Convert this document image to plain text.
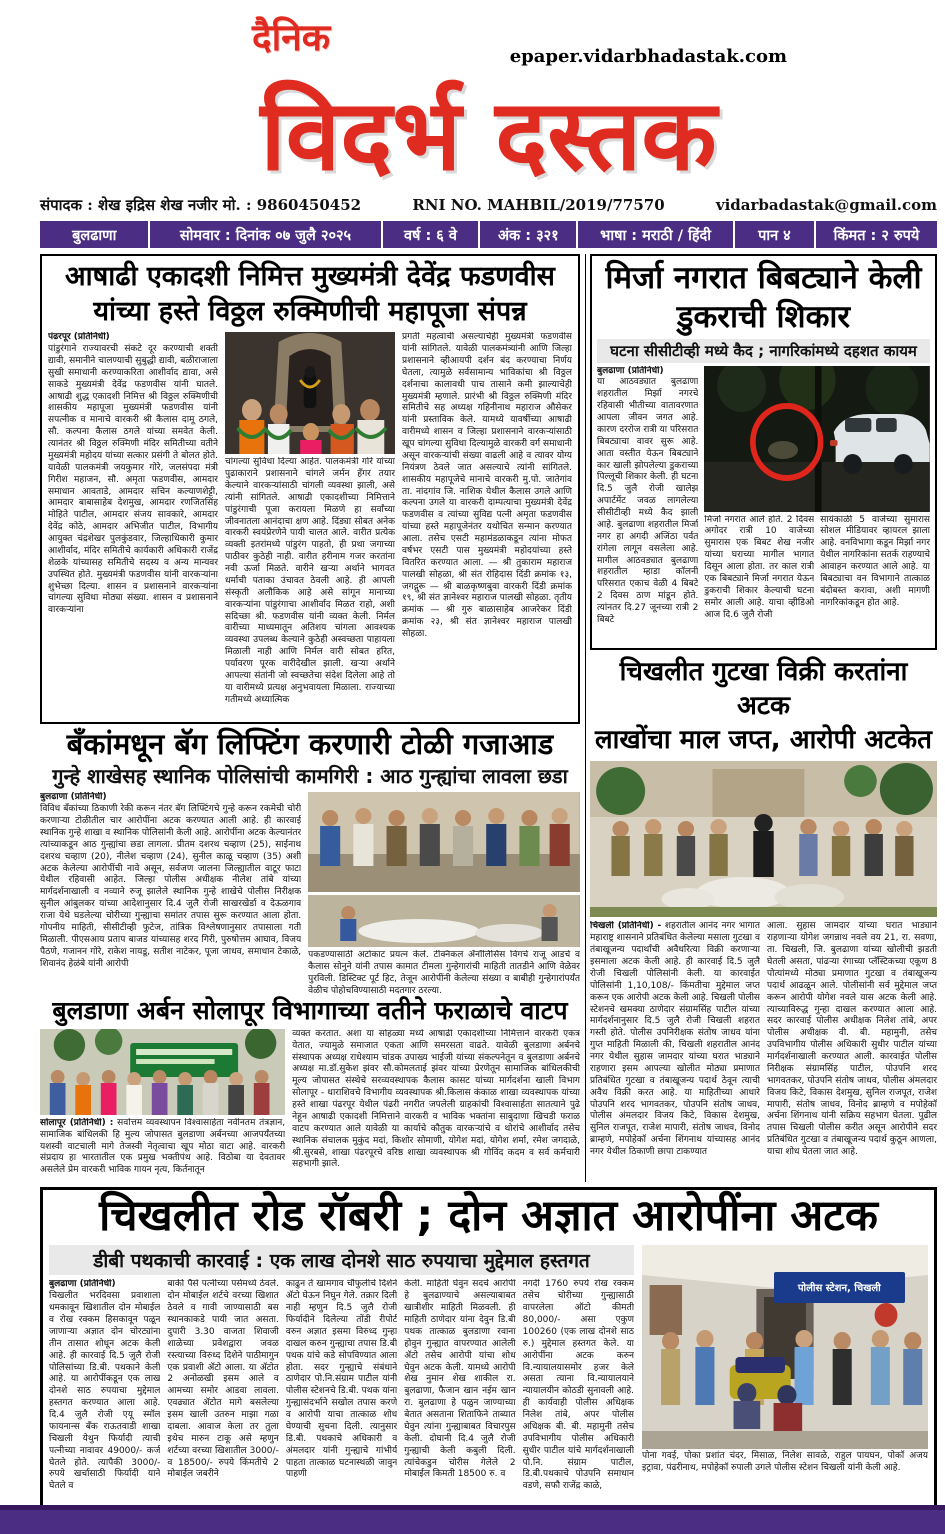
दैनिक	epaper.vidarbhadastak.com
विदर्भ दस्तक
संपादक : शेख इद्रिस शेख नजीर मो. : 9860450452	RNI NO. MAHBIL/2019/77570	vidarbadastak@gmail.com
बुलढाणा	सोमवार : दिनांक ०७ जुलै २०२५	वर्ष : ६ वे	अंक : ३२१	भाषा : मराठी / हिंदी	पान ४	किंमत : २ रुपये
आषाढी एकादशी निमित्त मुख्यमंत्री देवेंद्र फडणवीस यांच्या हस्ते विठ्ठल रुक्मिणीची महापूजा संपन्न
पंढरपूर (प्रतिनिधी)
पांडुरंगाने राज्यावरची संकटे दूर करण्याची शक्ती द्यावी, समानीने चालण्याची सुबुद्धी द्यावी, बळीराजाला सुखी समाधानी करण्याकरिता आशीर्वाद द्यावा, असे साकडे मुख्यमंत्री देवेंद्र फडणवीस यांनी घातले. आषाढी शुद्ध एकादशी निमित्त श्री विठ्ठल रुक्मिणीची शासकीय महापूजा मुख्यमंत्री फडणवीस यांनी सपत्नीक व मानाचे वारकरी श्री कैलास दामू ठगले, सौ. कल्पना कैलास ठगले यांच्या समवेत केली. त्यानंतर श्री विठ्ठल रुक्मिणी मंदिर समितीच्या वतीने मुख्यमंत्री महोदय यांच्या सत्कार प्रसंगी ते बोलत होते. यावेळी पालकमंत्री जयकुमार गोरे, जलसंपदा मंत्री गिरीश महाजन, सौ. अमृता फडणवीस, आमदार समाधान आवताडे, आमदार सचिन कल्याणशेट्टी, आमदार बाबासाहेब देशमुख, आमदार रणजितसिंह मोहिते पाटील, आमदार संजय सावकारे, आमदार देवेंद्र कोठे, आमदार अभिजीत पाटील, विभागीय आयुक्त चंद्रशेखर पुलकुंडवार, जिल्हाधिकारी कुमार आशीर्वाद, मंदिर समितीचे कार्यकारी अधिकारी राजेंद्र शेळके यांच्यासह समितीचे सदस्य व अन्य मान्यवर उपस्थित होते. मुख्यमंत्री फडणवीस यांनी वारकऱ्यांना शुभेच्छा दिल्या. शासन व प्रशासनाने वारकऱ्यांना चांगल्या सुविधा मोठ्या संख्या. शासन व प्रशासनाने वारकऱ्यांना
चांगल्या सुविधा दिल्या आहेत. पालकमंत्री गोरे यांच्या पुढाकाराने प्रशासनाने चांगले जर्मन हँगर तयार केल्याने वारकऱ्यांसाठी चांगली व्यवस्था झाली, असे त्यांनी सांगितले. आषाढी एकादशीच्या निमित्ताने पांडुरंगाची पूजा करायला मिळणे हा सर्वांच्या जीवनातला आनंदाचा क्षण आहे. दिंड्या सोबत अनेक वारकरी स्वयंप्रेरणेने पायी चालत आले. वारीत प्रत्येक व्यक्ती इतरांमध्ये पांडुरंग पाहतो, ही प्रथा जगाच्या पाठीवर कुठेही नाही. वारीत हरीनाम गजर करतांना नवी ऊर्जा मिळते. वारीने खऱ्या अर्थाने भागवत धर्माची पताका उंचावत ठेवली आहे. ही आपली संस्कृती अलौकिक आहे असे सांगून मानाच्या वारकऱ्यांना पांडुरंगाचा आशीर्वाद मिळत राहो, अशी सदिच्छा श्री. फडणवीस यांनी व्यक्त केली. निर्मल वारीच्या माध्यमातून अतिशय चांगला आवश्यक व्यवस्था उपलब्ध केल्याने कुठेही अस्वच्छता पाहायला मिळाली नाही आणि निर्मल वारी सोबत हरित, पर्यावरण पूरक वारीदेखील झाली. खऱ्या अर्थाने आपल्या संतांनी जो स्वच्छतेचा संदेश दिलेला आहे तो या वारीमध्ये प्रत्यक्ष अनुभवायला मिळाला. राज्याच्या गतीमध्ये अध्यात्मिक
प्रगती महत्वाची असल्याचेही मुख्यमंत्री फडणवीस यांनी सांगितले. यावेळी पालकमंत्र्यांनी आणि जिल्हा प्रशासनाने व्हीआयपी दर्शन बंद करण्याचा निर्णय घेतला, त्यामुळे सर्वसामान्य भाविकांचा श्री विठ्ठल दर्शनाचा कालावधी पाच तासाने कमी झाल्याचेही मुख्यमंत्री म्हणाले. प्रारंभी श्री विठ्ठल रुक्मिणी मंदिर समितीचे सह अध्यक्ष गहिनीनाथ महाराज औसेकर यांनी प्रस्ताविक केले. यामध्ये यावर्षीच्या आषाढी वारीमध्ये शासन व जिल्हा प्रशासनाने वारकऱ्यांसाठी खूप चांगल्या सुविधा दिल्यामुळे वारकरी वर्ग समाधानी असून वारकऱ्यांची संख्या वाढली आहे व त्यावर योग्य नियंत्रण ठेवले जात असल्याचे त्यांनी सांगितले. शासकीय महापूजेचे मानाचे वारकरी मु.पो. जातेगांव ता. नांदगांव जि. नाशिक येथील कैलास उगले आणि कल्पना उगले या वारकरी दाम्पत्याचा मुख्यमंत्री देवेंद्र फडणवीस व त्यांच्या सुविद्य पत्नी अमृता फडणवीस यांच्या हस्ते महापूजेनंतर यथोचित सन्मान करण्यात आला. तसेच एसटी महामंडळाकडून त्यांना मोफत वर्षभर एसटी पास मुख्यमंत्री महोदयांच्या हस्ते वितरित करण्यात आला. — श्री तुकाराम महाराज पालखी सोहळा, श्री संत रोहिदास दिंडी क्रमांक १३, जगद्गुरू — श्री बाळकृष्णबुवा वारकरी दिंडी क्रमांक १९, श्री संत ज्ञानेश्वर महाराज पालखी सोहळा. तृतीय क्रमांक — श्री गुरु बाळासाहेब आजरेकर दिंडी क्रमांक २३, श्री संत ज्ञानेश्वर महाराज पालखी सोहळा.
बँकांमधून बॅग लिफ्टिंग करणारी टोळी गजाआड
गुन्हे शाखेसह स्थानिक पोलिसांची कामगिरी : आठ गुन्ह्यांचा लावला छडा
बुलढाणा (प्रतिनिधी)
विविध बँकांच्या ठिकाणी रेकी करून नंतर बॅग लिफ्टिंगचे गुन्हे करून रकमेची चोरी करणाऱ्या टोळीतील चार आरोपींना अटक करण्यात आली आहे. ही कारवाई स्थानिक गुन्हे शाखा व स्थानिक पोलिसांनी केली आहे. आरोपींना अटक केल्यानंतर त्यांच्याकडून आठ गुन्ह्यांचा छडा लागला. प्रीतम दशरथ चव्हाण (25), साईनाथ दशरथ चव्हाण (20), नीलेश चव्हाण (24), सुनील काळू चव्हाण (35) अशी अटक केलेल्या आरोपींची नावे असून, सर्वजण जालना जिल्ह्यातील वाटूर फाटा येथील रहिवासी आहेत. जिल्हा पोलीस अधीक्षक नीलेश तांबे यांच्या मार्गदर्शनाखाली व नव्याने रुजू झालेले स्थानिक गुन्हे शाखेचे पोलीस निरीक्षक सुनील आंबुलकर यांच्या आदेशानुसार दि.4 जुलै रोजी साखरखेर्डा व देऊळगाव राजा येथे घडलेल्या चोरीच्या गुन्ह्याचा समांतर तपास सुरू करण्यात आला होता. गोपनीय माहिती, सीसीटीव्ही फुटेज, तांत्रिक विश्लेषणानुसार तपासाला गती मिळाली. पीएसआय प्रताप बाजड यांच्यासह शरद गिरी, पुरुषोत्तम आघाव, विजय पैठणे, गजानन गोरे, राकेश नायडू, सतीश नाटेकर, पूजा जाधव, समाधान टेकाळे, शिवानंद हेळंबे यांनी आरोपी
पकडण्यासाठी अटोकाट प्रयत्न केले. टेक्निकल ॲनॉलिसिस विंगचे राजू आडचे व कैलास सोनुने यांनी तपास कामात टीमला गुन्हेगारांची माहिती तातडीने आणि वेळेवर पुरविली. डिस्टिक्ट पूर्ट हिट, तेजून आरोपींनी केलेल्या संख्या व बाबीही गुन्हेगारांपर्यंत वेळीच पोहोचविण्यासाठी मदतगार ठरल्या.
बुलडाणा अर्बन सोलापूर विभागाच्या वतीने फराळाचे वाटप
सोलापूर (प्रतिनिधी) : सर्वोत्तम व्यवस्थापन विश्वासार्हता नवीनतम तंत्रज्ञान, सामाजिक बांधिलकी हि मुल्य जोपासत बुलडाणा अर्बनच्या आजपर्यंतच्या यशस्वी वाटचाली मागे तेजस्वी नेतृत्वाचा खूप मोठा वाटा आहे. वारकरी संप्रदाय हा भारतातील एक प्रमुख भक्तीपंथ आहे. विठोबा या देवतावर असलेले प्रेम वारकरी भाविक गायन नृत्य, किर्तनातून
व्यक्त करतात. अशा या सोहळ्या मध्ये आषाढी एकादशीच्या निमित्ताने वारकरी एकत्र येतात, ज्यामुळे समाजात एकता आणि समरसता वाढते. यावेळी बुलडाणा अर्बनचे संस्थापक अध्यक्ष राधेश्याम चांडक उपाख्य भाईजी यांच्या संकल्पनेतून व बुलडाणा अर्बनचे अध्यक्ष मा.डॉ.सुकेश झंवर सौ.कोमलताई झंवर यांच्या प्रेरणेतून सामाजिक बांधिलकीची मूल्य जोपासत संस्थेचे सरव्यवस्थापक कैलास कासट यांच्या मार्गदर्शना खाली विभाग सोलापूर - धाराशिवचे विभागीय व्यवस्थापक श्री.किलास कंकाळ शाखा व्यवस्थापक यांच्या हस्ते शाखा पंढरपूर येथील पंढरी नगरीत जपलेली ग्राहकांची विश्वासार्हता सातत्याने पुढे नेहून आषाढी एकादशी निमित्ताने वारकरी व भाविक भक्तांना साबुदाणा खिचडी फराळ वाटप करण्यात आले यावेळी या कार्याचे कौतुक वारकऱ्यांचे व थोरांचे आशीर्वाद तसेच स्थानिक संचालक मुकुंद मदां, किशोर सोमाणी, योगेश मदां, योगेश शर्मा, रमेश जगदाळे, श्री.सुरबसे, शाखा पंढरपूरचे वरिष्ठ शाखा व्यवस्थापक श्री गोविंद कदम व सर्व कर्मचारी सहभागी झाले.
मिर्जा नगरात बिबट्याने केली डुकराची शिकार
घटना सीसीटीव्ही मध्ये कैद ; नागरिकांमध्ये दहशत कायम
बुलढाणा (प्रतिनिधी)
या आठवड्यात बुलढाणा शहरातील मिर्झा नगरचे रहिवासी भीतीच्या वातावरणात आपला जीवन जगत आहे. कारण दररोज रात्री या परिसरात बिबट्याचा वावर सुरू आहे. आता वस्तीत येऊन बिबट्याने कार खाली झोपलेल्या डुकराच्या पिल्लूची शिकार केली. ही घटना दि.5 जुलै रोजी खालेझ अपार्टमेंट जवळ लागलेल्या सीसीटीव्ही मध्ये कैद झाली आहे. बुलढाणा शहरातील मिर्जा नगर हा अगदी अजिंठा पर्वत रांगेला लागून वसलेला आहे. मागील आठवड्यात बुलढाणा शहरातील म्हाडा कॉलनी परिसरात एकाच वेळी 4 बिबटे 2 दिवस ठाण मांडून होते. त्यांनतर दि.27 जूनच्या रात्री 2 बिबटे
मिर्जा नगरात आले होते. 2 दिवस अगोदर रात्री 10 वाजेच्या सुमारास एक बिबट शेख नजीर यांच्या घराच्या मागील भागात दिसून आला होता. तर काल रात्री एक बिबट्याने मिर्जा नगरात येऊन डुकराची शिकार केल्याची घटना समोर आली आहे. याचा व्हीडिओ आज दि.6 जुलै रोजी
सायंकाळी 5 वाजेच्या सुमारास सोशल मीडियावर व्हायरल झाला आहे. वनविभागा कडून मिर्झा नगर येथील नागरिकांना सतर्क राहण्याचे आवाहन करण्यात आले आहे. या बिबट्याचा वन विभागाने तात्काळ बंदोबस्त करावा, अशी मागणी नागरिकांकडून होत आहे.
चिखलीत गुटखा विक्री करतांना अटक
लाखोंचा माल जप्त, आरोपी अटकेत
चिखली (प्रतिनिधी) - शहरातील आनंद नगर भागात महाराष्ट्र शासनाने प्रतिबंधित केलेल्या मसाला गुटखा व तंबाखूजन्य पदार्थांची अवैधरित्या विक्री करणाऱ्या इसमाला अटक केली आहे. ही कारवाई दि.5 जुलै रोजी चिखली पोलिसांनी केली. या कारवाईत पोलिसांनी 1,10,108/- किंमतीचा मुद्देमाल जप्त करून एक आरोपी अटक केली आहे. चिखली पोलीस स्टेशनचे खमक्या ठाणेदार संग्रामसिंह पाटील यांच्या मार्गदर्शनानुसार दि.5 जुलै रोजी चिखली शहरात गस्ती होते. पोलीस उपनिरीक्षक संतोष जाधव यांना गुप्त माहिती मिळाली की, चिखली शहरातील आनंद नगर येथील सुहास जामदार यांच्या घरात भाड्याने राहणारा इसम आपल्या खोलीत मोठ्या प्रमाणात प्रतिबंधित गुटखा व तंबाखूजन्य पदार्थ ठेवून त्याची अवैध विक्री करत आहे. या माहितीच्या आधारे पोउपनि शरद भागवतकर, पोउपनि संतोष जाधव, पोलीस अंमलदार विजय किटे, विकास देशमुख, सुनिल राजपूत, राजेश मापारी, संतोष जाधव, विनोद ब्राम्हणे, मपोहेकॉ अर्चना शिंगनाथ यांच्यासह आनंद नगर येथील ठिकाणी छापा टाकण्यात
आला. सुहास जामदार यांच्या घरात भाड्याने राहणाऱ्या योगेश जगन्नाथ नवले वय 21, रा. सवणा, ता. चिखली, जि. बुलढाणा यांच्या खोलीची झडती घेतली असता, पांढऱ्या रंगाच्या प्लॅस्टिकच्या एकूण 8 पोत्यांमध्ये मोठ्या प्रमाणात गुटखा व तंबाखूजन्य पदार्थ आढळून आले. पोलीसांनी सर्व मुद्देमाल जप्त करून आरोपी योगेश नवले यास अटक केली आहे. त्याच्याविरुद्ध गुन्हा दाखल करण्यात आला आहे. सदर कारवाई पोलीस अधीक्षक निलेश तांबे, अपर पोलीस अधीक्षक वी. बी. महामुनी, तसेच उपविभागीय पोलीस अधिकारी सुधीर पाटील यांच्या मार्गदर्शनाखाली करण्यात आली. कारवाईत पोलीस निरीक्षक संग्रामसिंह पाटील, पोउपनि शरद भागवतकर, पोउपनि संतोष जाधव, पोलीस अंमलदार विजय किटे, विकास देशमुख, सुनिल राजपूत, राजेश मापारी, संतोष जाधव, विनोद ब्राम्हणे व मपोहेकॉ अर्चना शिंगनाथ यांनी सक्रिय सहभाग घेतला. पुढील तपास चिखली पोलीस करीत असून आरोपीने सदर प्रतिबंधित गुटखा व तंबाखूजन्य पदार्थ कुठून आणला, याचा शोध घेतला जात आहे.
चिखलीत रोड रॉबरी ; दोन अज्ञात आरोपींना अटक
डीबी पथकाची कारवाई : एक लाख दोनशे साठ रुपयाचा मुद्देमाल हस्तगत
बुलढाणा (प्रतिनिधी)
चिखलीत भरदिवसा प्रवाशाला धमकावून खिशातील दोन मोबाईल व रोख रक्कम हिसकावून पळून जाणाऱ्या अज्ञात दोन चोरट्यांना तीन तासात शोधून अटक केली आहे. ही कारवाई दि.5 जुलै रोजी पोलिसांच्या डि.बी. पथकाने केली आहे. या आरोपींकडून एक लाख दोनशे साठ रुपयाचा मुद्देमाल हस्तगत करण्यात आला आहे. दि.4 जुलै रोजी एयू स्मॉल फायनान्स बँक राऊतवाडी शाखा चिखली येथुन फिर्यादी त्याची पत्नीच्या नावावर 49000/- कर्ज घेतले होते. त्यापैकी 3000/- रुपये खर्चासाठी फिर्यादी याने घेतले व
बाकी पैसे पत्नीच्या पर्समध्ये ठेवले. दोन मोबाईल शर्टचे वरच्या खिशात ठेवले व गावी जाण्यासाठी बस स्थानकाकडे पायी जात असता. दुपारी 3.30 वाजता शिवाजी शाळेच्या प्रवेशद्वारा जवळ रस्त्याच्या विरुध्द दिशेने पाठीमागुन एक प्रवाशी ॲटो आला. या ॲटोत 2 अनोळखी इसम आले व आमच्या समोर आडवा लावला. एवढ्यात ॲटोत मागे बसलेल्या इसम खाली उतरुन माझा गळा दाबला. आवाज केला तर तुला इथेच मारुन टाकू असे म्हणुन शर्टच्या वरच्या खिशातील 3000/- व 18500/- रुपये किंमतीचे 2 मोबाईल जबरीने
काढुन ते खामगाव चौफुलीचे दिशेने ॲटो घेऊन निघुन गेले. तक्रार दिली नाही म्हणुन दि.5 जुलै रोजी फिर्यादीने दिलेल्या तोंडी रीपोर्ट वरुन अज्ञात इसमा विरुध्द गुन्हा दाखल करुन गुन्ह्याचा तपास डि.बी पथक यांचे कडे सोपविण्यात आला होता. सदर गुन्ह्याचे संबंधाने ठाणेदार पो.नि.संग्राम पाटील यांनी पोलीस स्टेशनचे डि.बी. पथक यांना गुन्ह्यासंदर्भाने सखोल तपास करणे व आरोपी याचा तात्काळ शोध घेण्याची सुचना दिली. त्यानुसार डि.बी. पथकाचे अधिकारी व अंमलदार यांनी गुन्ह्याचे गांभीर्य पाहता तात्काळ घटनास्थळी जावुन पाहणी
केली. माहिती घेवुन सदचे आरोपी हे बुलढाण्याचे असल्याबाबत खात्रीशीर माहिती मिळवली. ही माहिती ठाणेदार यांना देवुन डि.बी पथक तात्काळ बुलडाणा रवाना होवुन गुन्ह्यात वापरण्यात आलेली ॲटो तसेच आरोपी यांचा शोध घेवुन अटक केली. यामध्ये आरोपी शेख नुमान शेख शाकील रा. बुलढाणा, फैजान खान नईम खान रा. बुलढाणा हे पळुन जाण्याच्या बेतात असताना शिताफिने ताब्यात घेवुन त्यांना गुन्ह्याबाबत विचारपुस केली. दोघानी दि.4 जुलै रोजी गुन्ह्याची केली कबुली दिली. त्यांचेकडुन चोरीस गेलेले 2 मोबाईल किमती 18500 रु. व
नगदी 1760 रुपये रोख रक्कम तसेच चोरीच्या गुन्ह्यासाठी वापरलेला ऑटो कीमती 80,000/- असा एकुण 100260 (एक लाख दोनशे साठ रु.) मुद्देमाल हस्तगत केले. या आरोपींना अटक करुन वि.न्यायालयासमोर हजर केले असता त्याना वि.न्यायालयाने न्यायालयीन कोठडी सुनावली आहे. ही कार्यवाही पोलीस अधिक्षक निलेश तांबे, अपर पोलीस अधिक्षक बी. बी. महामुनी तसेच उपविभागीय पोलीस अधिकारी सुधीर पाटील यांचे मार्गदर्शनाखाली पो.नि. संग्राम पाटील, डि.बी.पथकाचे पोउपनि समाधान वडणे, सफौ राजेंद्र काळे,
पोलीस स्टेशन, चिखली
पोना गवई, पोका प्रशांत चंदर, मिसाळ, निलेश सावळे, राहुल पायघन, पोकॉ अजय इट्रावा, पंढरीनाथ, मपोहेकॉ रुपाली उगले पोलीस स्टेशन चिखली यांनी केली आहे.
